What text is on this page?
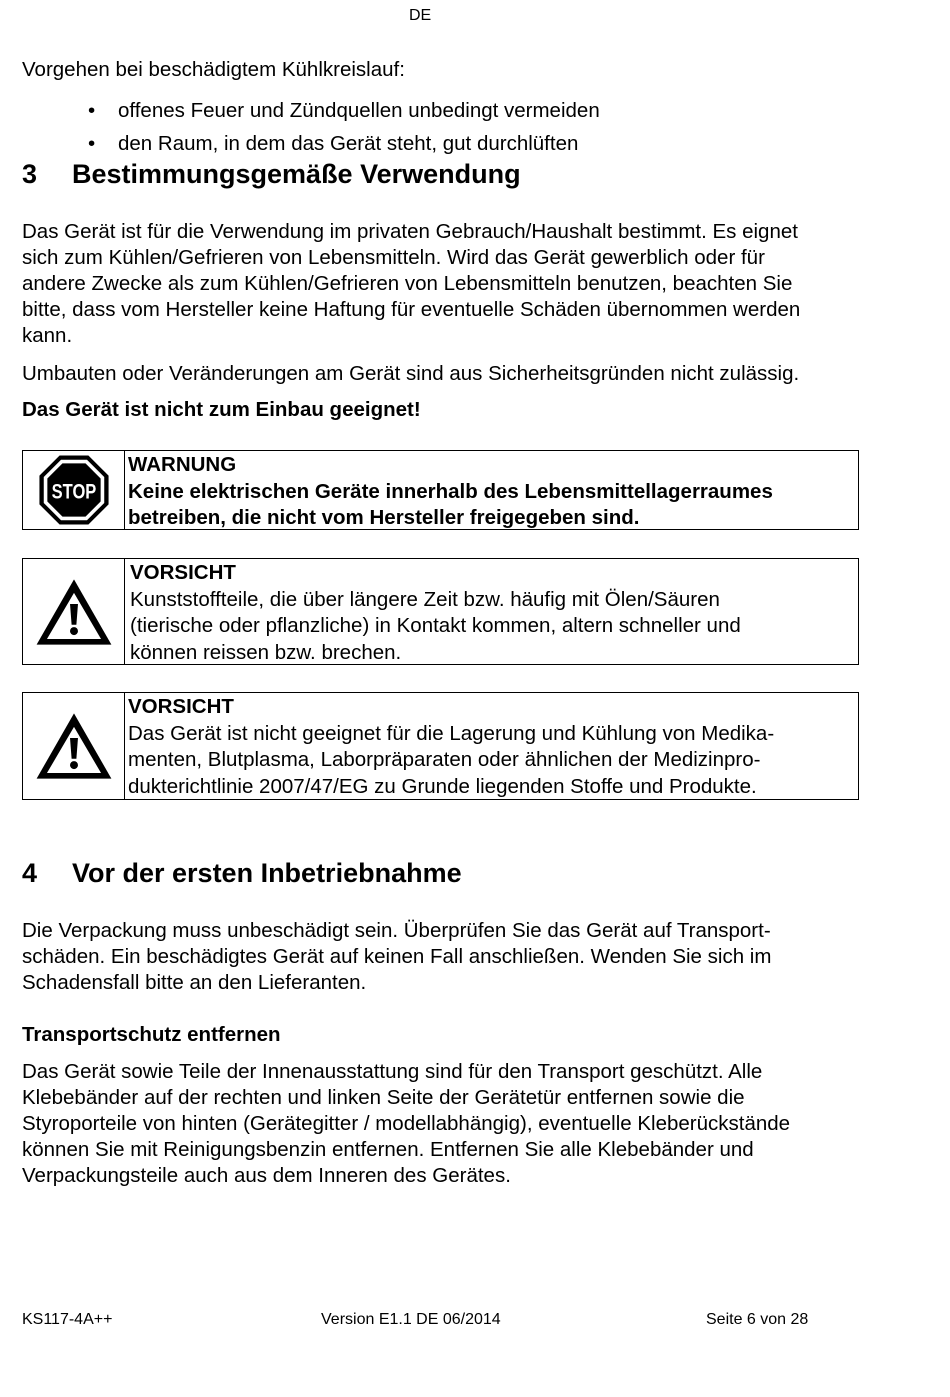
DE
Vorgehen bei beschädigtem Kühlkreislauf:
• offenes Feuer und Zündquellen unbedingt vermeiden
• den Raum, in dem das Gerät steht, gut durchlüften
3 Bestimmungsgemäße Verwendung
Das Gerät ist für die Verwendung im privaten Gebrauch/Haushalt bestimmt. Es eignet
sich zum Kühlen/Gefrieren von Lebensmitteln. Wird das Gerät gewerblich oder für
andere Zwecke als zum Kühlen/Gefrieren von Lebensmitteln benutzen, beachten Sie
bitte, dass vom Hersteller keine Haftung für eventuelle Schäden übernommen werden
kann.
Umbauten oder Veränderungen am Gerät sind aus Sicherheitsgründen nicht zulässig.
Das Gerät ist nicht zum Einbau geeignet!
STOP
WARNUNG
Keine elektrischen Geräte innerhalb des Lebensmittellagerraumes
betreiben, die nicht vom Hersteller freigegeben sind.
VORSICHT
Kunststoffteile, die über längere Zeit bzw. häufig mit Ölen/Säuren
(tierische oder pflanzliche) in Kontakt kommen, altern schneller und
können reissen bzw. brechen.
VORSICHT
Das Gerät ist nicht geeignet für die Lagerung und Kühlung von Medika-
menten, Blutplasma, Laborpräparaten oder ähnlichen der Medizinpro-
dukterichtlinie 2007/47/EG zu Grunde liegenden Stoffe und Produkte.
4 Vor der ersten Inbetriebnahme
Die Verpackung muss unbeschädigt sein. Überprüfen Sie das Gerät auf Transport-
schäden. Ein beschädigtes Gerät auf keinen Fall anschließen. Wenden Sie sich im
Schadensfall bitte an den Lieferanten.
Transportschutz entfernen
Das Gerät sowie Teile der Innenausstattung sind für den Transport geschützt. Alle
Klebebänder auf der rechten und linken Seite der Gerätetür entfernen sowie die
Styroporteile von hinten (Gerätegitter / modellabhängig), eventuelle Kleberückstände
können Sie mit Reinigungsbenzin entfernen. Entfernen Sie alle Klebebänder und
Verpackungsteile auch aus dem Inneren des Gerätes.
KS117-4A++	Version E1.1 DE 06/2014	Seite 6 von 28
